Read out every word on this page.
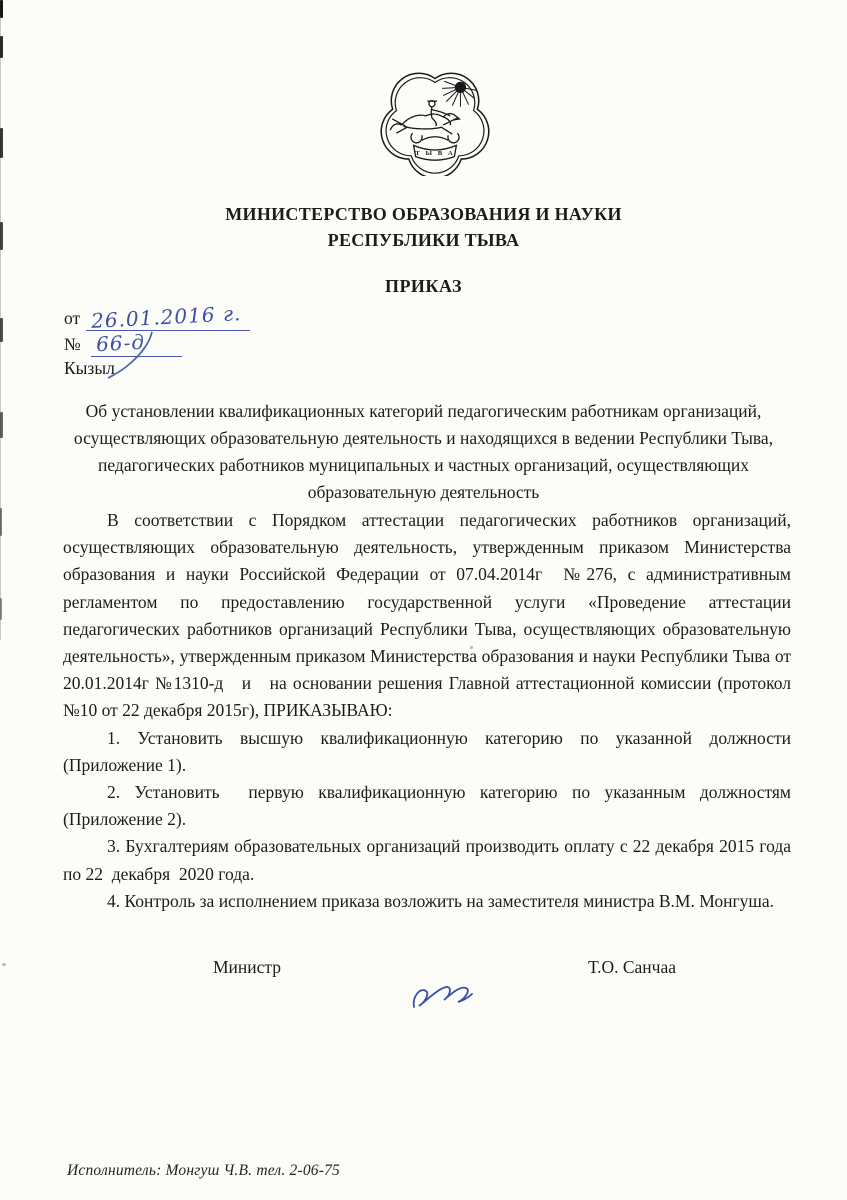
Т Ы В А
МИНИСТЕРСТВО ОБРАЗОВАНИЯ И НАУКИ
РЕСПУБЛИКИ ТЫВА
ПРИКАЗ
от 26.01.2016 г.
№ 66-д
Кызыл
Об установлении квалификационных категорий педагогическим работникам организаций, осуществляющих образовательную деятельность и находящихся в ведении Республики Тыва, педагогических работников муниципальных и частных организаций, осуществляющих образовательную деятельность

В соответствии с Порядком аттестации педагогических работников организаций, осуществляющих образовательную деятельность, утвержденным приказом Министерства образования и науки Российской Федерации от 07.04.2014г  №276, с административным регламентом по предоставлению государственной услуги «Проведение аттестации педагогических работников организаций Республики Тыва, осуществляющих образовательную деятельность», утвержденным приказом Министерства образования и науки Республики Тыва от 20.01.2014г №1310-д   и   на основании решения Главной аттестационной комиссии (протокол №10 от 22 декабря 2015г), ПРИКАЗЫВАЮ:

1. Установить высшую квалификационную категорию по указанной должности (Приложение 1).

2. Установить  первую квалификационную категорию по указанным должностям (Приложение 2).

3. Бухгалтериям образовательных организаций производить оплату с 22 декабря 2015 года по 22  декабря  2020 года.

4. Контроль за исполнением приказа возложить на заместителя министра В.М. Монгуша.

Министр	Т.О. Санчаа
Исполнитель: Монгуш Ч.В. тел. 2-06-75
